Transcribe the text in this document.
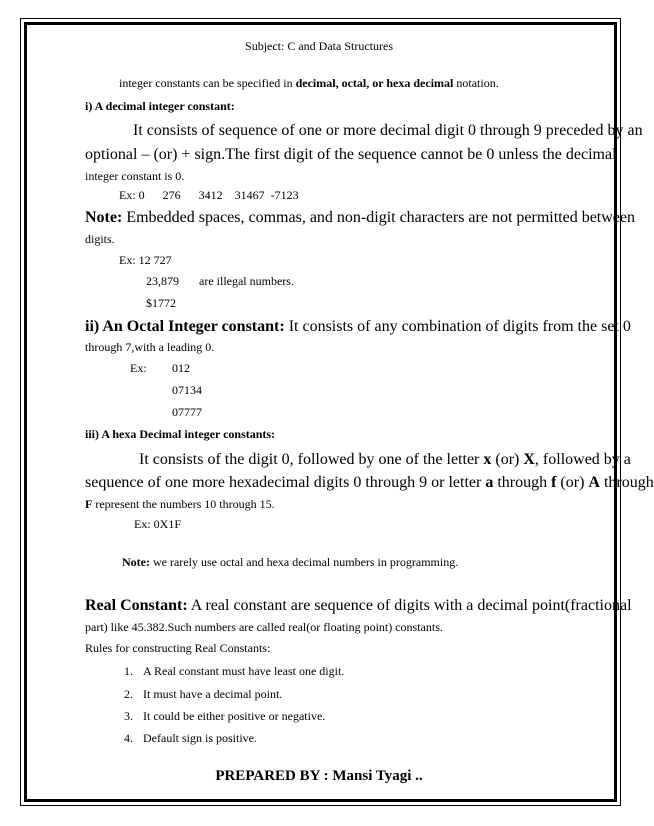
Subject: C and Data Structures
integer constants can be specified in decimal, octal, or hexa decimal notation.
i) A decimal integer constant:
It consists of sequence of one or more decimal digit 0 through 9 preceded by an
optional – (or) + sign.The first digit of the sequence cannot be 0 unless the decimal
integer constant is 0.
Ex: 0      276      3412    31467  -7123
Note: Embedded spaces, commas, and non-digit characters are not permitted between
digits.
Ex: 12 727
23,879 are illegal numbers.
$1772
ii) An Octal Integer constant: It consists of any combination of digits from the set 0
through 7,with a leading 0.
Ex: 012
07134
07777
iii) A hexa Decimal integer constants:
It consists of the digit 0, followed by one of the letter x (or) X, followed by a
sequence of one more hexadecimal digits 0 through 9 or letter a through f (or) A through
F represent the numbers 10 through 15.
Ex: 0X1F
Note: we rarely use octal and hexa decimal numbers in programming.
Real Constant: A real constant are sequence of digits with a decimal point(fractional
part) like 45.382.Such numbers are called real(or floating point) constants.
Rules for constructing Real Constants:
1. A Real constant must have least one digit.
2. It must have a decimal point.
3. It could be either positive or negative.
4. Default sign is positive.
PREPARED BY : Mansi Tyagi ..
